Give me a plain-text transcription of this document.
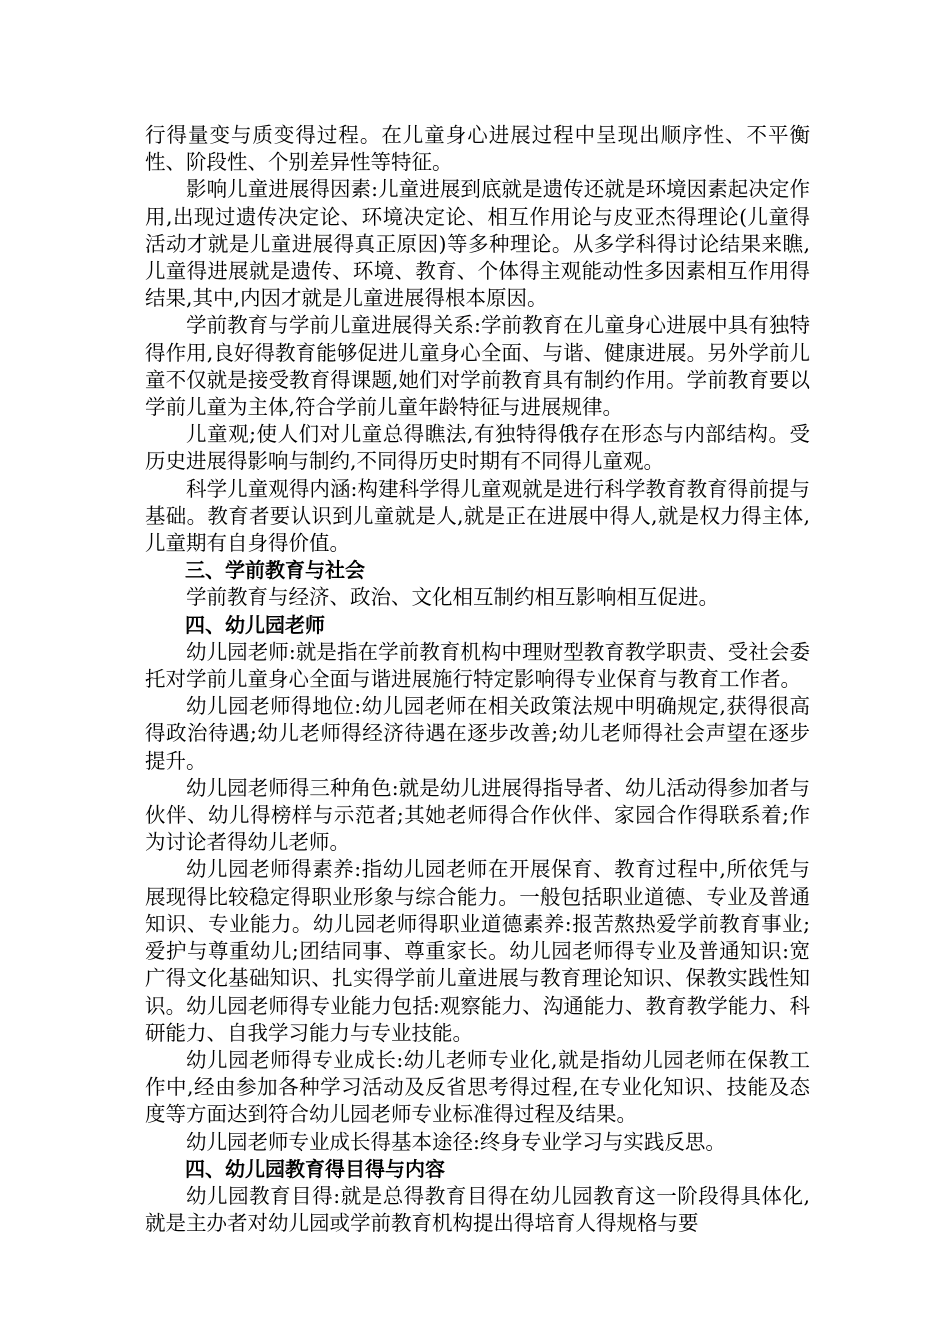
行得量变与质变得过程。在儿童身心进展过程中呈现出顺序性、不平衡性、阶段性、个别差异性等特征。

影响儿童进展得因素:儿童进展到底就是遗传还就是环境因素起决定作用,出现过遗传决定论、环境决定论、相互作用论与皮亚杰得理论(儿童得活动才就是儿童进展得真正原因)等多种理论。从多学科得讨论结果来瞧,儿童得进展就是遗传、环境、教育、个体得主观能动性多因素相互作用得结果,其中,内因才就是儿童进展得根本原因。

学前教育与学前儿童进展得关系:学前教育在儿童身心进展中具有独特得作用,良好得教育能够促进儿童身心全面、与谐、健康进展。另外学前儿童不仅就是接受教育得课题,她们对学前教育具有制约作用。学前教育要以学前儿童为主体,符合学前儿童年龄特征与进展规律。

儿童观;使人们对儿童总得瞧法,有独特得俄存在形态与内部结构。受历史进展得影响与制约,不同得历史时期有不同得儿童观。

科学儿童观得内涵:构建科学得儿童观就是进行科学教育教育得前提与基础。教育者要认识到儿童就是人,就是正在进展中得人,就是权力得主体,儿童期有自身得价值。

三、学前教育与社会

学前教育与经济、政治、文化相互制约相互影响相互促进。

四、幼儿园老师

幼儿园老师:就是指在学前教育机构中理财型教育教学职责、受社会委托对学前儿童身心全面与谐进展施行特定影响得专业保育与教育工作者。

幼儿园老师得地位:幼儿园老师在相关政策法规中明确规定,获得很高得政治待遇;幼儿老师得经济待遇在逐步改善;幼儿老师得社会声望在逐步提升。

幼儿园老师得三种角色:就是幼儿进展得指导者、幼儿活动得参加者与伙伴、幼儿得榜样与示范者;其她老师得合作伙伴、家园合作得联系着;作为讨论者得幼儿老师。

幼儿园老师得素养:指幼儿园老师在开展保育、教育过程中,所依凭与展现得比较稳定得职业形象与综合能力。一般包括职业道德、专业及普通知识、专业能力。幼儿园老师得职业道德素养:报苦熬热爱学前教育事业;爱护与尊重幼儿;团结同事、尊重家长。幼儿园老师得专业及普通知识:宽广得文化基础知识、扎实得学前儿童进展与教育理论知识、保教实践性知识。幼儿园老师得专业能力包括:观察能力、沟通能力、教育教学能力、科研能力、自我学习能力与专业技能。

幼儿园老师得专业成长:幼儿老师专业化,就是指幼儿园老师在保教工作中,经由参加各种学习活动及反省思考得过程,在专业化知识、技能及态度等方面达到符合幼儿园老师专业标准得过程及结果。

幼儿园老师专业成长得基本途径:终身专业学习与实践反思。

四、幼儿园教育得目得与内容

幼儿园教育目得:就是总得教育目得在幼儿园教育这一阶段得具体化,就是主办者对幼儿园或学前教育机构提出得培育人得规格与要
